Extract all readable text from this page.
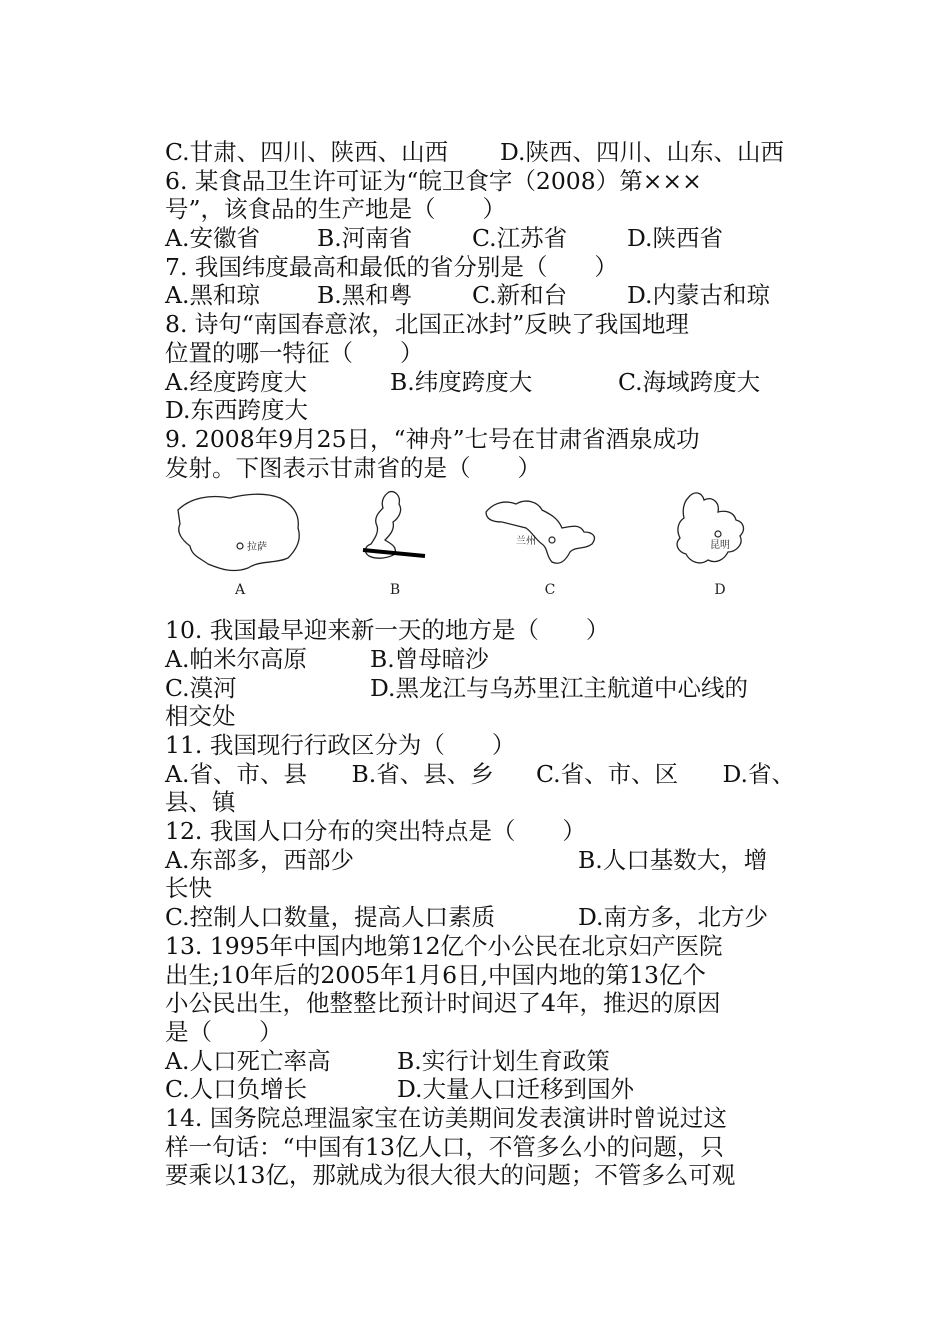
C.甘肃、四川、陕西、山西	D.陕西、四川、山东、山西
6. 某食品卫生许可证为“皖卫食字（2008）第×××
号”，该食品的生产地是（　　）
A.安徽省	B.河南省	C.江苏省	D.陕西省
7. 我国纬度最高和最低的省分别是（　　）
A.黑和琼	B.黑和粤	C.新和台	D.内蒙古和琼
8. 诗句“南国春意浓，北国正冰封”反映了我国地理
位置的哪一特征（　　）
A.经度跨度大	B.纬度跨度大	C.海域跨度大
D.东西跨度大
9. 2008年9月25日，“神舟”七号在甘肃省酒泉成功
发射。下图表示甘肃省的是（　　）
拉萨
A	B
兰州
C
昆明
D
10. 我国最早迎来新一天的地方是（　　）
A.帕米尔高原	B.曾母暗沙
C.漠河	D.黑龙江与乌苏里江主航道中心线的
相交处
11. 我国现行行政区分为（　　）
A.省、市、县	B.省、县、乡	C.省、市、区	D.省、
县、镇
12. 我国人口分布的突出特点是（　　）
A.东部多，西部少	B.人口基数大，增
长快
C.控制人口数量，提高人口素质	D.南方多，北方少
13. 1995年中国内地第12亿个小公民在北京妇产医院
出生;10年后的2005年1月6日,中国内地的第13亿个
小公民出生，他整整比预计时间迟了4年，推迟的原因
是（　　）
A.人口死亡率高	B.实行计划生育政策
C.人口负增长	D.大量人口迁移到国外
14. 国务院总理温家宝在访美期间发表演讲时曾说过这
样一句话：“中国有13亿人口，不管多么小的问题，只
要乘以13亿，那就成为很大很大的问题；不管多么可观
